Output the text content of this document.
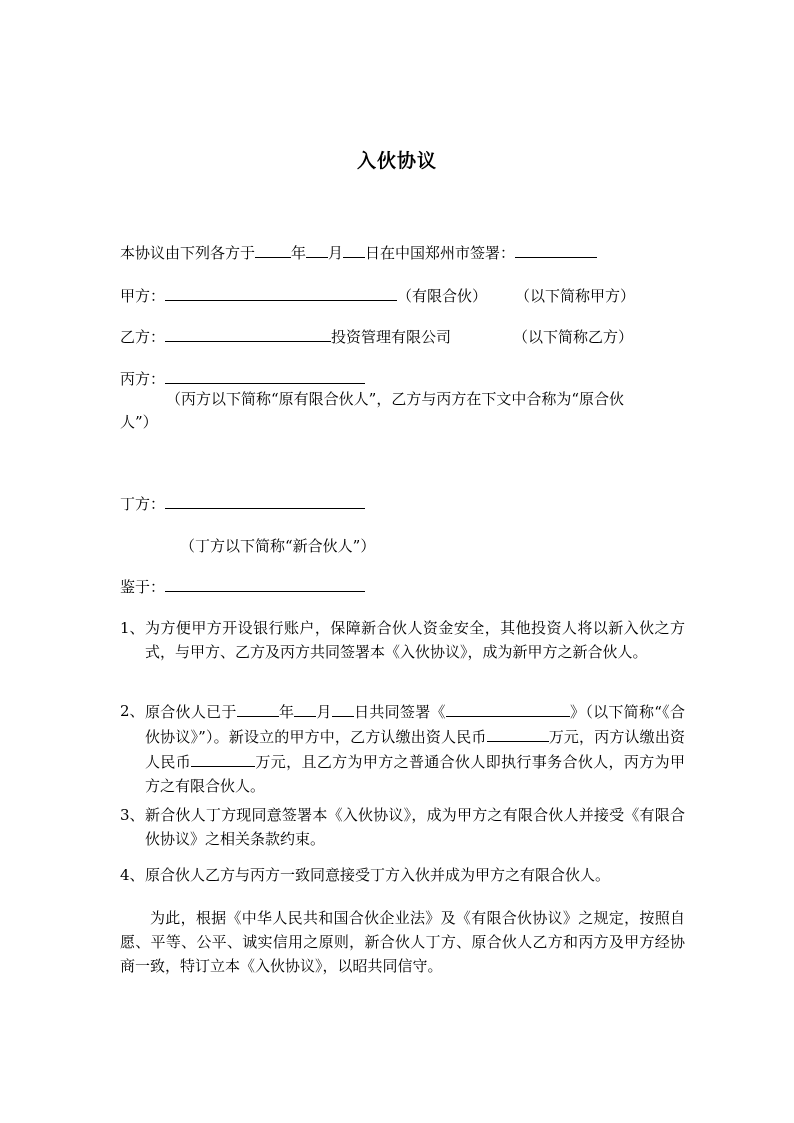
入伙协议
本协议由下列各方于 年 月 日在中国郑州市签署：
甲方：	（有限合伙） （以下简称甲方）
乙方：	投资管理有限公司	（以下简称乙方）
丙方：
（丙方以下简称“原有限合伙人”，乙方与丙方在下文中合称为“原合伙
人”）
丁方：
（丁方以下简称“新合伙人”）
鉴于：
1、 为方便甲方开设银行账户，保障新合伙人资金安全，其他投资人将以新入伙之方式，与甲方、乙方及丙方共同签署本《入伙协议》，成为新甲方之新合伙人。
2、 原合伙人已于	年 月 日共同签署《	》（以下简称“《合伙协议》”）。新设立的甲方中，乙方认缴出资人民币	万元，丙方认缴出资人民币	万元，且乙方为甲方之普通合伙人即执行事务合伙人，丙方为甲方之有限合伙人。
3、 新合伙人丁方现同意签署本《入伙协议》，成为甲方之有限合伙人并接受《有限合伙协议》之相关条款约束。
4、 原合伙人乙方与丙方一致同意接受丁方入伙并成为甲方之有限合伙人。
为此，根据《中华人民共和国合伙企业法》及《有限合伙协议》之规定，按照自愿、平等、公平、诚实信用之原则，新合伙人丁方、原合伙人乙方和丙方及甲方经协商一致，特订立本《入伙协议》，以昭共同信守。
